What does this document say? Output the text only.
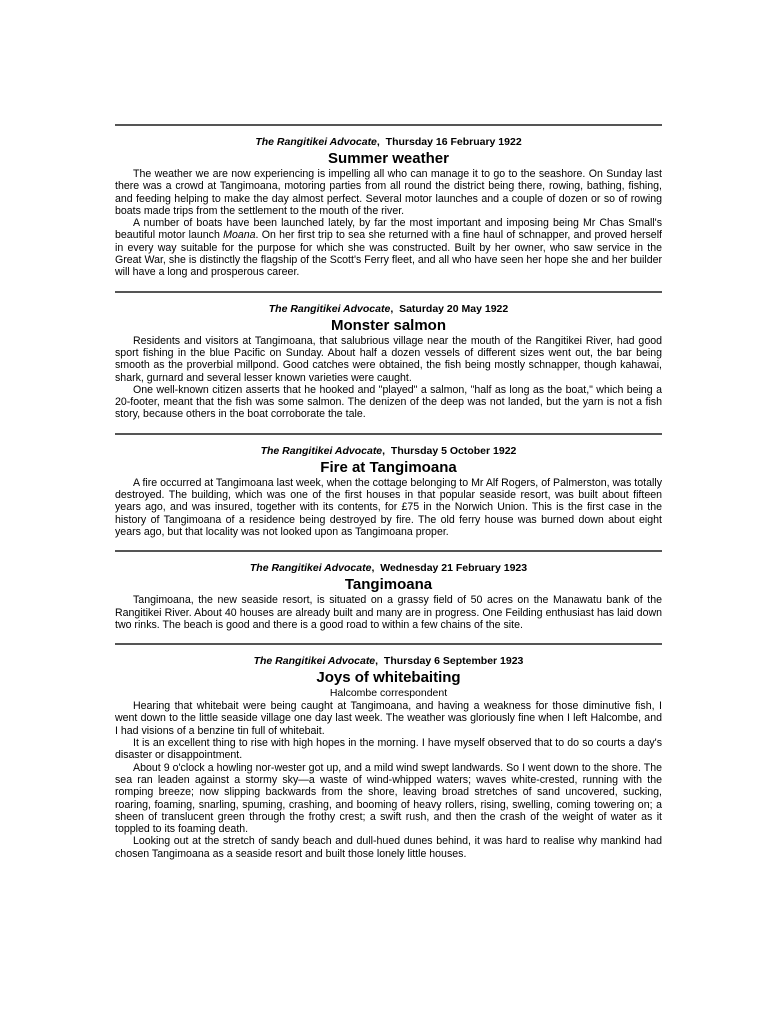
The Rangitikei Advocate,  Thursday 16 February 1922
Summer weather

The weather we are now experiencing is impelling all who can manage it to go to the seashore. On Sunday last there was a crowd at Tangimoana, motoring parties from all round the district being there, rowing, bathing, fishing, and feeding helping to make the day almost perfect. Several motor launches and a couple of dozen or so of rowing boats made trips from the settlement to the mouth of the river.

A number of boats have been launched lately, by far the most important and imposing being Mr Chas Small's beautiful motor launch Moana. On her first trip to sea she returned with a fine haul of schnapper, and proved herself in every way suitable for the purpose for which she was constructed. Built by her owner, who saw service in the Great War, she is distinctly the flagship of the Scott's Ferry fleet, and all who have seen her hope she and her builder will have a long and prosperous career.

The Rangitikei Advocate,  Saturday 20 May 1922
Monster salmon

Residents and visitors at Tangimoana, that salubrious village near the mouth of the Rangitikei River, had good sport fishing in the blue Pacific on Sunday. About half a dozen vessels of different sizes went out, the bar being smooth as the proverbial millpond. Good catches were obtained, the fish being mostly schnapper, though kahawai, shark, gurnard and several lesser known varieties were caught.

One well-known citizen asserts that he hooked and "played" a salmon, "half as long as the boat," which being a 20-footer, meant that the fish was some salmon. The denizen of the deep was not landed, but the yarn is not a fish story, because others in the boat corroborate the tale.

The Rangitikei Advocate,  Thursday 5 October 1922
Fire at Tangimoana

A fire occurred at Tangimoana last week, when the cottage belonging to Mr Alf Rogers, of Palmerston, was totally destroyed. The building, which was one of the first houses in that popular seaside resort, was built about fifteen years ago, and was insured, together with its contents, for £75 in the Norwich Union. This is the first case in the history of Tangimoana of a residence being destroyed by fire. The old ferry house was burned down about eight years ago, but that locality was not looked upon as Tangimoana proper.

The Rangitikei Advocate,  Wednesday 21 February 1923
Tangimoana

Tangimoana, the new seaside resort, is situated on a grassy field of 50 acres on the Manawatu bank of the Rangitikei River. About 40 houses are already built and many are in progress. One Feilding enthusiast has laid down two rinks. The beach is good and there is a good road to within a few chains of the site.

The Rangitikei Advocate,  Thursday 6 September 1923
Joys of whitebaiting
Halcombe correspondent

Hearing that whitebait were being caught at Tangimoana, and having a weakness for those diminutive fish, I went down to the little seaside village one day last week. The weather was gloriously fine when I left Halcombe, and I had visions of a benzine tin full of whitebait.

It is an excellent thing to rise with high hopes in the morning. I have myself observed that to do so courts a day's disaster or disappointment.

About 9 o'clock a howling nor-wester got up, and a mild wind swept landwards. So I went down to the shore. The sea ran leaden against a stormy sky—a waste of wind-whipped waters; waves white-crested, running with the romping breeze; now slipping backwards from the shore, leaving broad stretches of sand uncovered, sucking, roaring, foaming, snarling, spuming, crashing, and booming of heavy rollers, rising, swelling, coming towering on; a sheen of translucent green through the frothy crest; a swift rush, and then the crash of the weight of water as it toppled to its foaming death.

Looking out at the stretch of sandy beach and dull-hued dunes behind, it was hard to realise why mankind had chosen Tangimoana as a seaside resort and built those lonely little houses.
